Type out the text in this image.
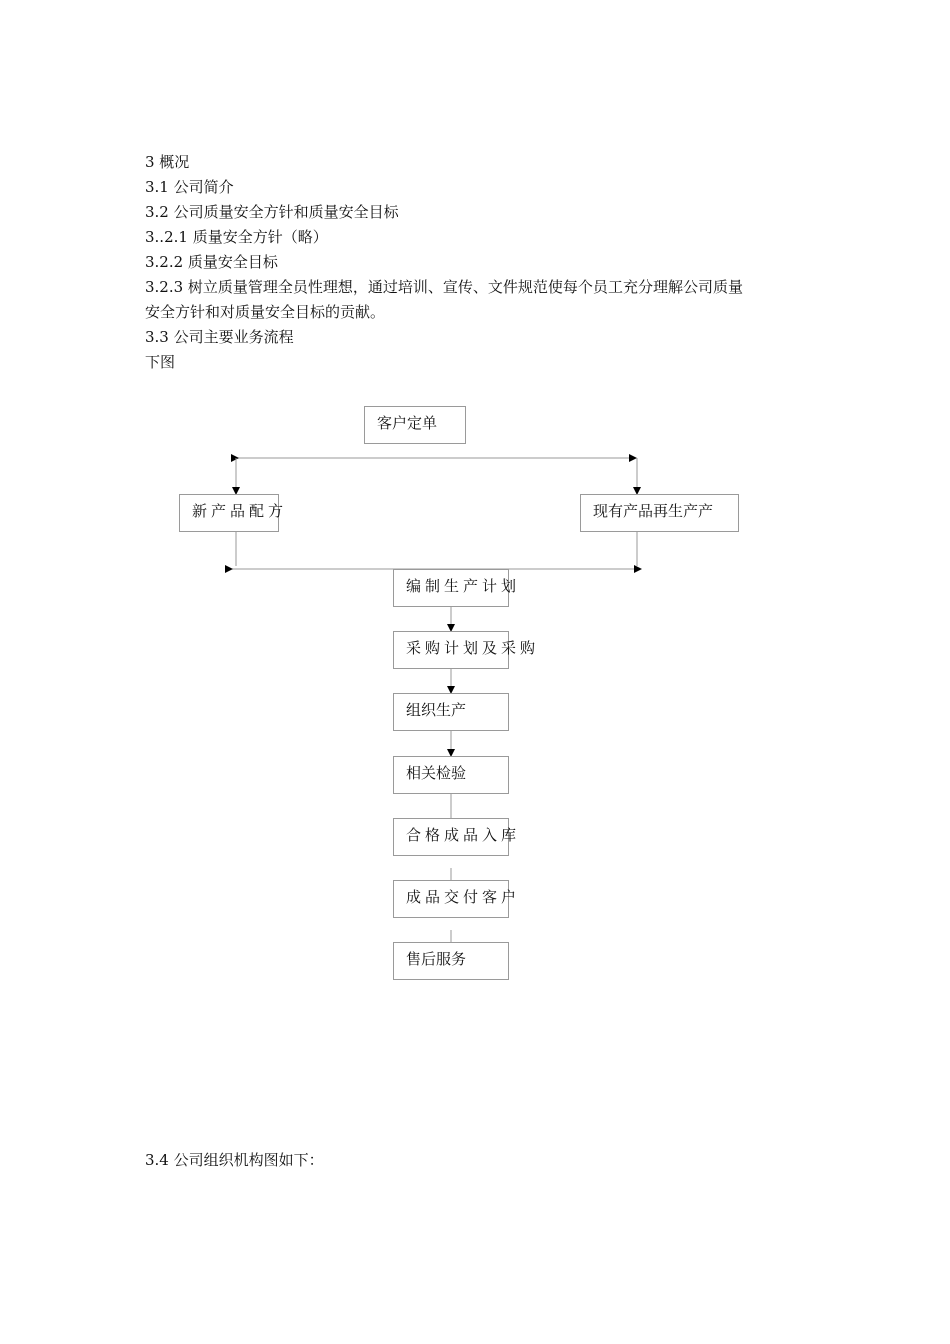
3 概况
3.1 公司简介
3.2 公司质量安全方针和质量安全目标
3..2.1 质量安全方针（略）
3.2.2 质量安全目标
3.2.3 树立质量管理全员性理想，通过培训、宣传、文件规范使每个员工充分理解公司质量
安全方针和对质量安全目标的贡献。
3.3 公司主要业务流程
下图
客户定单
新产品配方	现有产品再生产产
编制生产计划
采购计划及采购
组织生产
相关检验
合格成品入库
成品交付客户
售后服务
3.4 公司组织机构图如下：
